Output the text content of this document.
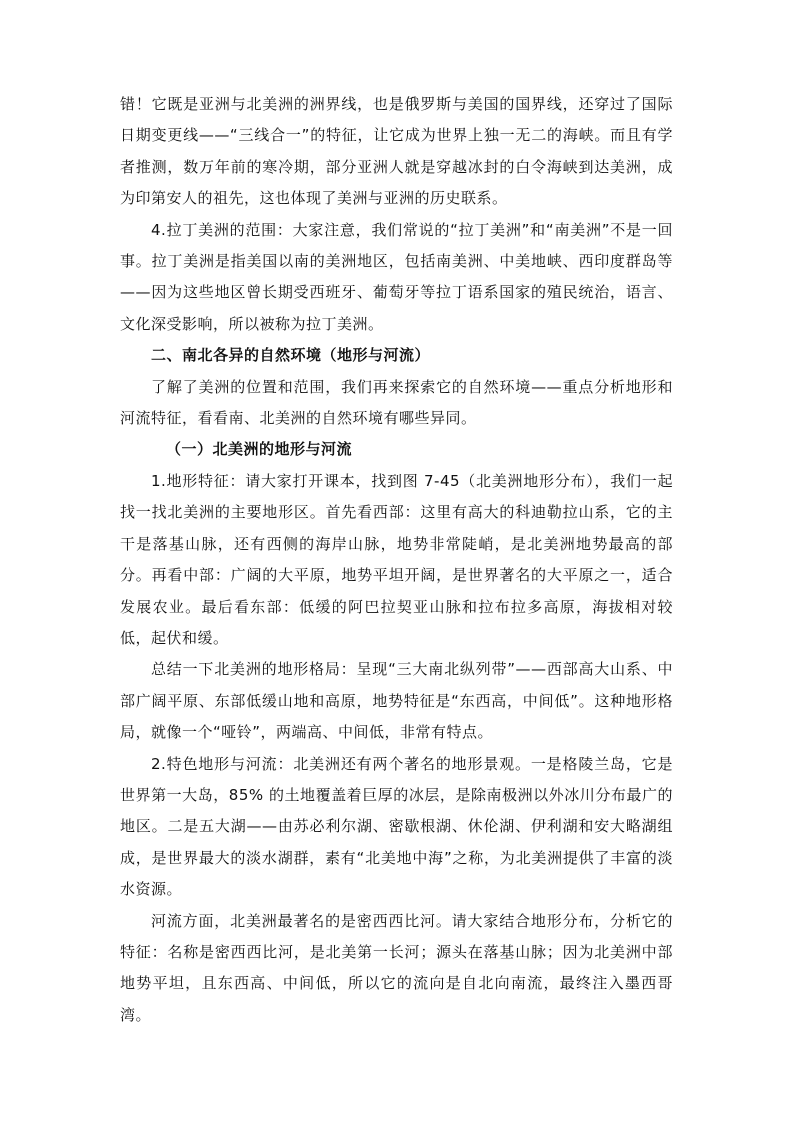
错！它既是亚洲与北美洲的洲界线，也是俄罗斯与美国的国界线，还穿过了国际日期变更线——“三线合一”的特征，让它成为世界上独一无二的海峡。而且有学者推测，数万年前的寒冷期，部分亚洲人就是穿越冰封的白令海峡到达美洲，成为印第安人的祖先，这也体现了美洲与亚洲的历史联系。

4.拉丁美洲的范围：大家注意，我们常说的“拉丁美洲”和“南美洲”不是一回事。拉丁美洲是指美国以南的美洲地区，包括南美洲、中美地峡、西印度群岛等——因为这些地区曾长期受西班牙、葡萄牙等拉丁语系国家的殖民统治，语言、文化深受影响，所以被称为拉丁美洲。

二、南北各异的自然环境（地形与河流）

了解了美洲的位置和范围，我们再来探索它的自然环境——重点分析地形和河流特征，看看南、北美洲的自然环境有哪些异同。

（一）北美洲的地形与河流

1.地形特征：请大家打开课本，找到图 7-45（北美洲地形分布），我们一起找一找北美洲的主要地形区。首先看西部：这里有高大的科迪勒拉山系，它的主干是落基山脉，还有西侧的海岸山脉，地势非常陡峭，是北美洲地势最高的部分。再看中部：广阔的大平原，地势平坦开阔，是世界著名的大平原之一，适合发展农业。最后看东部：低缓的阿巴拉契亚山脉和拉布拉多高原，海拔相对较低，起伏和缓。

总结一下北美洲的地形格局：呈现“三大南北纵列带”——西部高大山系、中部广阔平原、东部低缓山地和高原，地势特征是“东西高，中间低”。这种地形格局，就像一个“哑铃”，两端高、中间低，非常有特点。

2.特色地形与河流：北美洲还有两个著名的地形景观。一是格陵兰岛，它是世界第一大岛，85% 的土地覆盖着巨厚的冰层，是除南极洲以外冰川分布最广的地区。二是五大湖——由苏必利尔湖、密歇根湖、休伦湖、伊利湖和安大略湖组成，是世界最大的淡水湖群，素有“北美地中海”之称，为北美洲提供了丰富的淡水资源。

河流方面，北美洲最著名的是密西西比河。请大家结合地形分布，分析它的特征：名称是密西西比河，是北美第一长河；源头在落基山脉；因为北美洲中部地势平坦，且东西高、中间低，所以它的流向是自北向南流，最终注入墨西哥湾。
